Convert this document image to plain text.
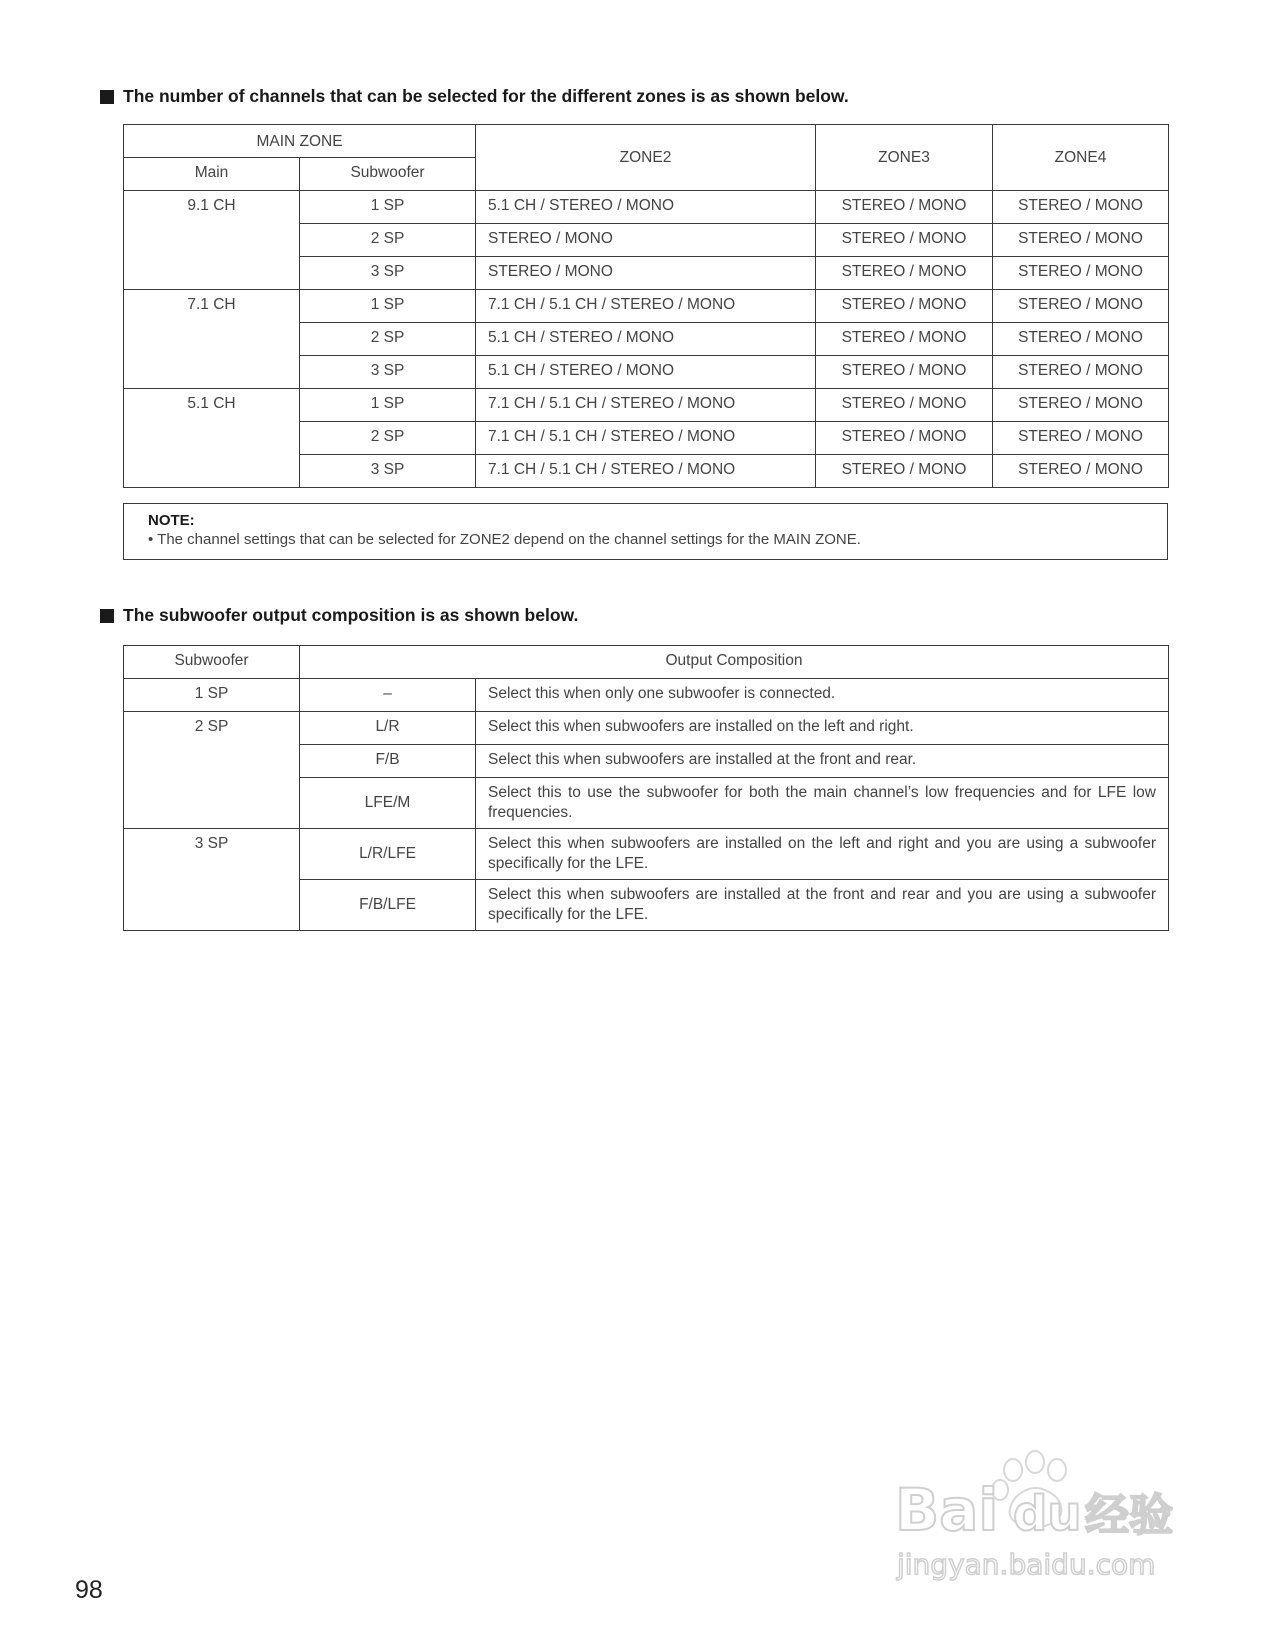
The number of channels that can be selected for the different zones is as shown below.
MAIN ZONE		ZONE2	ZONE3	ZONE4
Main	Subwoofer			
9.1 CH	1 SP	5.1 CH / STEREO / MONO	STEREO / MONO	STEREO / MONO
	2 SP	STEREO / MONO	STEREO / MONO	STEREO / MONO
	3 SP	STEREO / MONO	STEREO / MONO	STEREO / MONO
7.1 CH	1 SP	7.1 CH / 5.1 CH / STEREO / MONO	STEREO / MONO	STEREO / MONO
	2 SP	5.1 CH / STEREO / MONO	STEREO / MONO	STEREO / MONO
	3 SP	5.1 CH / STEREO / MONO	STEREO / MONO	STEREO / MONO
5.1 CH	1 SP	7.1 CH / 5.1 CH / STEREO / MONO	STEREO / MONO	STEREO / MONO
	2 SP	7.1 CH / 5.1 CH / STEREO / MONO	STEREO / MONO	STEREO / MONO
	3 SP	7.1 CH / 5.1 CH / STEREO / MONO	STEREO / MONO	STEREO / MONO
NOTE:
• The channel settings that can be selected for ZONE2 depend on the channel settings for the MAIN ZONE.
The subwoofer output composition is as shown below.
Subwoofer	Output Composition	
1 SP	–	Select this when only one subwoofer is connected.
2 SP	L/R	Select this when subwoofers are installed on the left and right.
	F/B	Select this when subwoofers are installed at the front and rear.
	LFE/M	Select this to use the subwoofer for both the main channel’s low frequencies and for LFE low frequencies.
3 SP	L/R/LFE	Select this when subwoofers are installed on the left and right and you are using a subwoofer specifically for the LFE.
	F/B/LFE	Select this when subwoofers are installed at the front and rear and you are using a subwoofer specifically for the LFE.
98
Bai du 经验
jingyan.baidu.com
